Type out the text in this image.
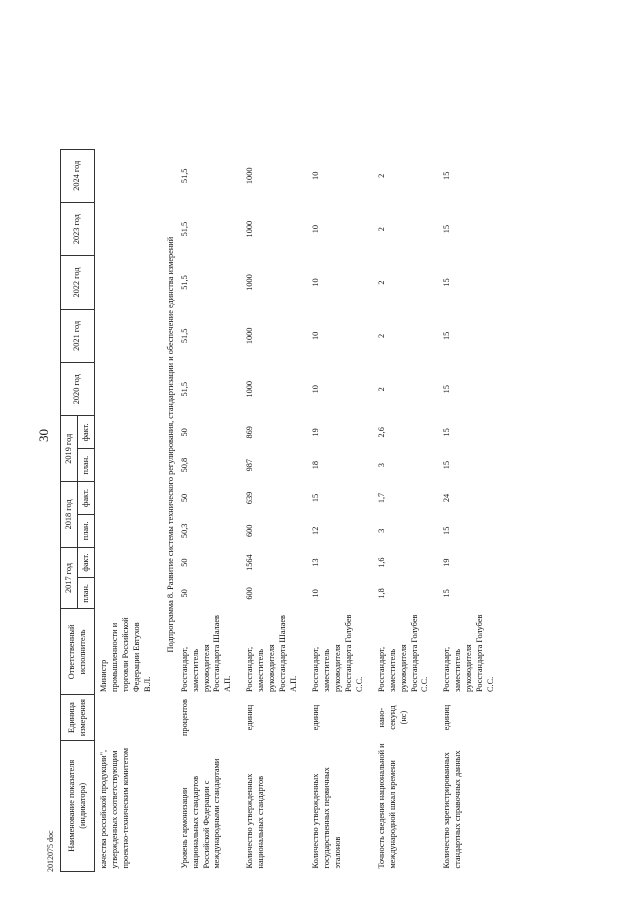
30
2012075 doc Наименование показателя (индикатора)	Единица измерения	Ответственный исполнитель	2017 год		2018 год		2019 год		2020 год	2021 год	2022 год	2023 год	2024 год	
			план.	факт.	план.	факт.	план.	факт.						
качества российской продукции", утвержденных соответствующим проектно-техническим комитетом		Министр промышленности и торговли Российской Федерации Евтухов В.Л.												
	Подпрограмма 8. Развитие системы технического регулирования, стандартизации и обеспечение единства измерений													
Уровень гармонизации национальных стандартов Российской Федерации с международными стандартами	процентов	Росстандарт, заместитель руководителя Росстандарта Шалаев А.П.	50	50	50,3	50	50,8	50	51,5	51,5	51,5	51,5	51,5	
Количество утвержденных национальных стандартов	единиц	Росстандарт, заместитель руководителя Росстандарта Шалаев А.П.	600	1564	600	639	987	869	1000	1000	1000	1000	1000	
Количество утвержденных государственных первичных эталонов	единиц	Росстандарт, заместитель руководителя Росстандарта Голубев С.С.	10	13	12	15	18	19	10	10	10	10	10	
Точность сведения национальной и международной шкал времени	нано-секунд (нс)	Росстандарт, заместитель руководителя Росстандарта Голубев С.С.	1,8	1,6	3	1,7	3	2,6	2	2	2	2	2	
Количество зарегистрированных стандартных справочных данных	единиц	Росстандарт, заместитель руководителя Росстандарта Голубев С.С.	15	19	15	24	15	15	15	15	15	15	15	
